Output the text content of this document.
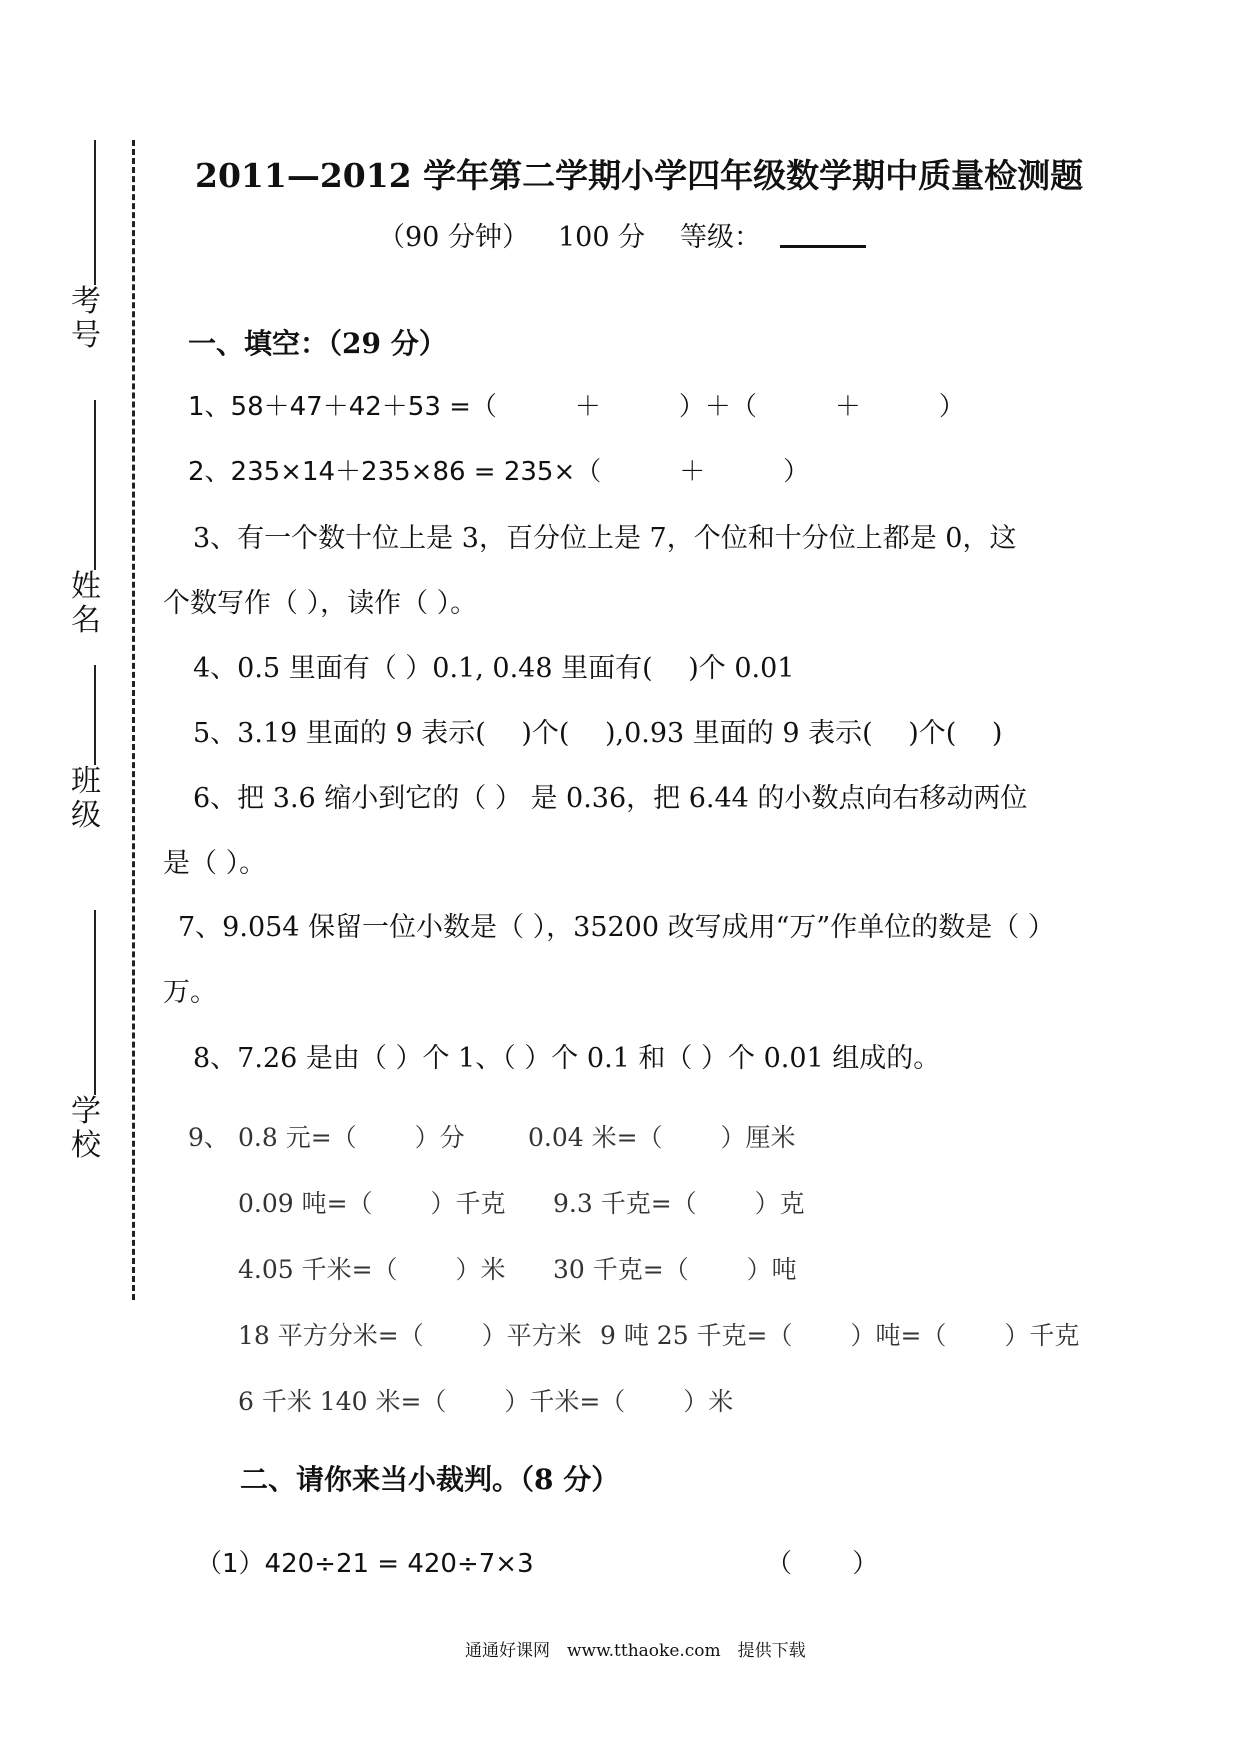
考号
姓名
班级
学校
2011—2012 学年第二学期小学四年级数学期中质量检测题
（90 分钟） 100 分 等级：
一、填空：（29 分）
1、58＋47＋42＋53 =（　　　＋　　　）＋（　　　＋　　　）
2、235×14＋235×86 = 235×（　　　＋　　　）
3、有一个数十位上是 3，百分位上是 7，个位和十分位上都是 0，这
个数写作（ ），读作（ ）。
4、0.5 里面有（ ）0.1, 0.48 里面有(　 )个 0.01
5、3.19 里面的 9 表示(　 )个(　 ),0.93 里面的 9 表示(　 )个(　 )
6、把 3.6 缩小到它的（ ） 是 0.36，把 6.44 的小数点向右移动两位
是（ ）。
7、9.054 保留一位小数是（ ），35200 改写成用“万”作单位的数是（ ）
万。
8、7.26 是由（ ）个 1、（ ）个 0.1 和（ ）个 0.01 组成的。
9、 0.8 元=（　　 ）分	0.04 米=（　　 ）厘米
0.09 吨=（　　 ）千克 9.3 千克=（　　 ）克
4.05 千米=（　　 ）米 30 千克=（　　 ）吨
18 平方分米=（　　 ）平方米 9 吨 25 千克=（　　 ）吨=（　　 ）千克
6 千米 140 米=（　　 ）千米=（　　 ）米
二、请你来当小裁判。（8 分）
（1）420÷21 = 420÷7×3	（　　 ）
通通好课网　www.tthaoke.com　提供下载
